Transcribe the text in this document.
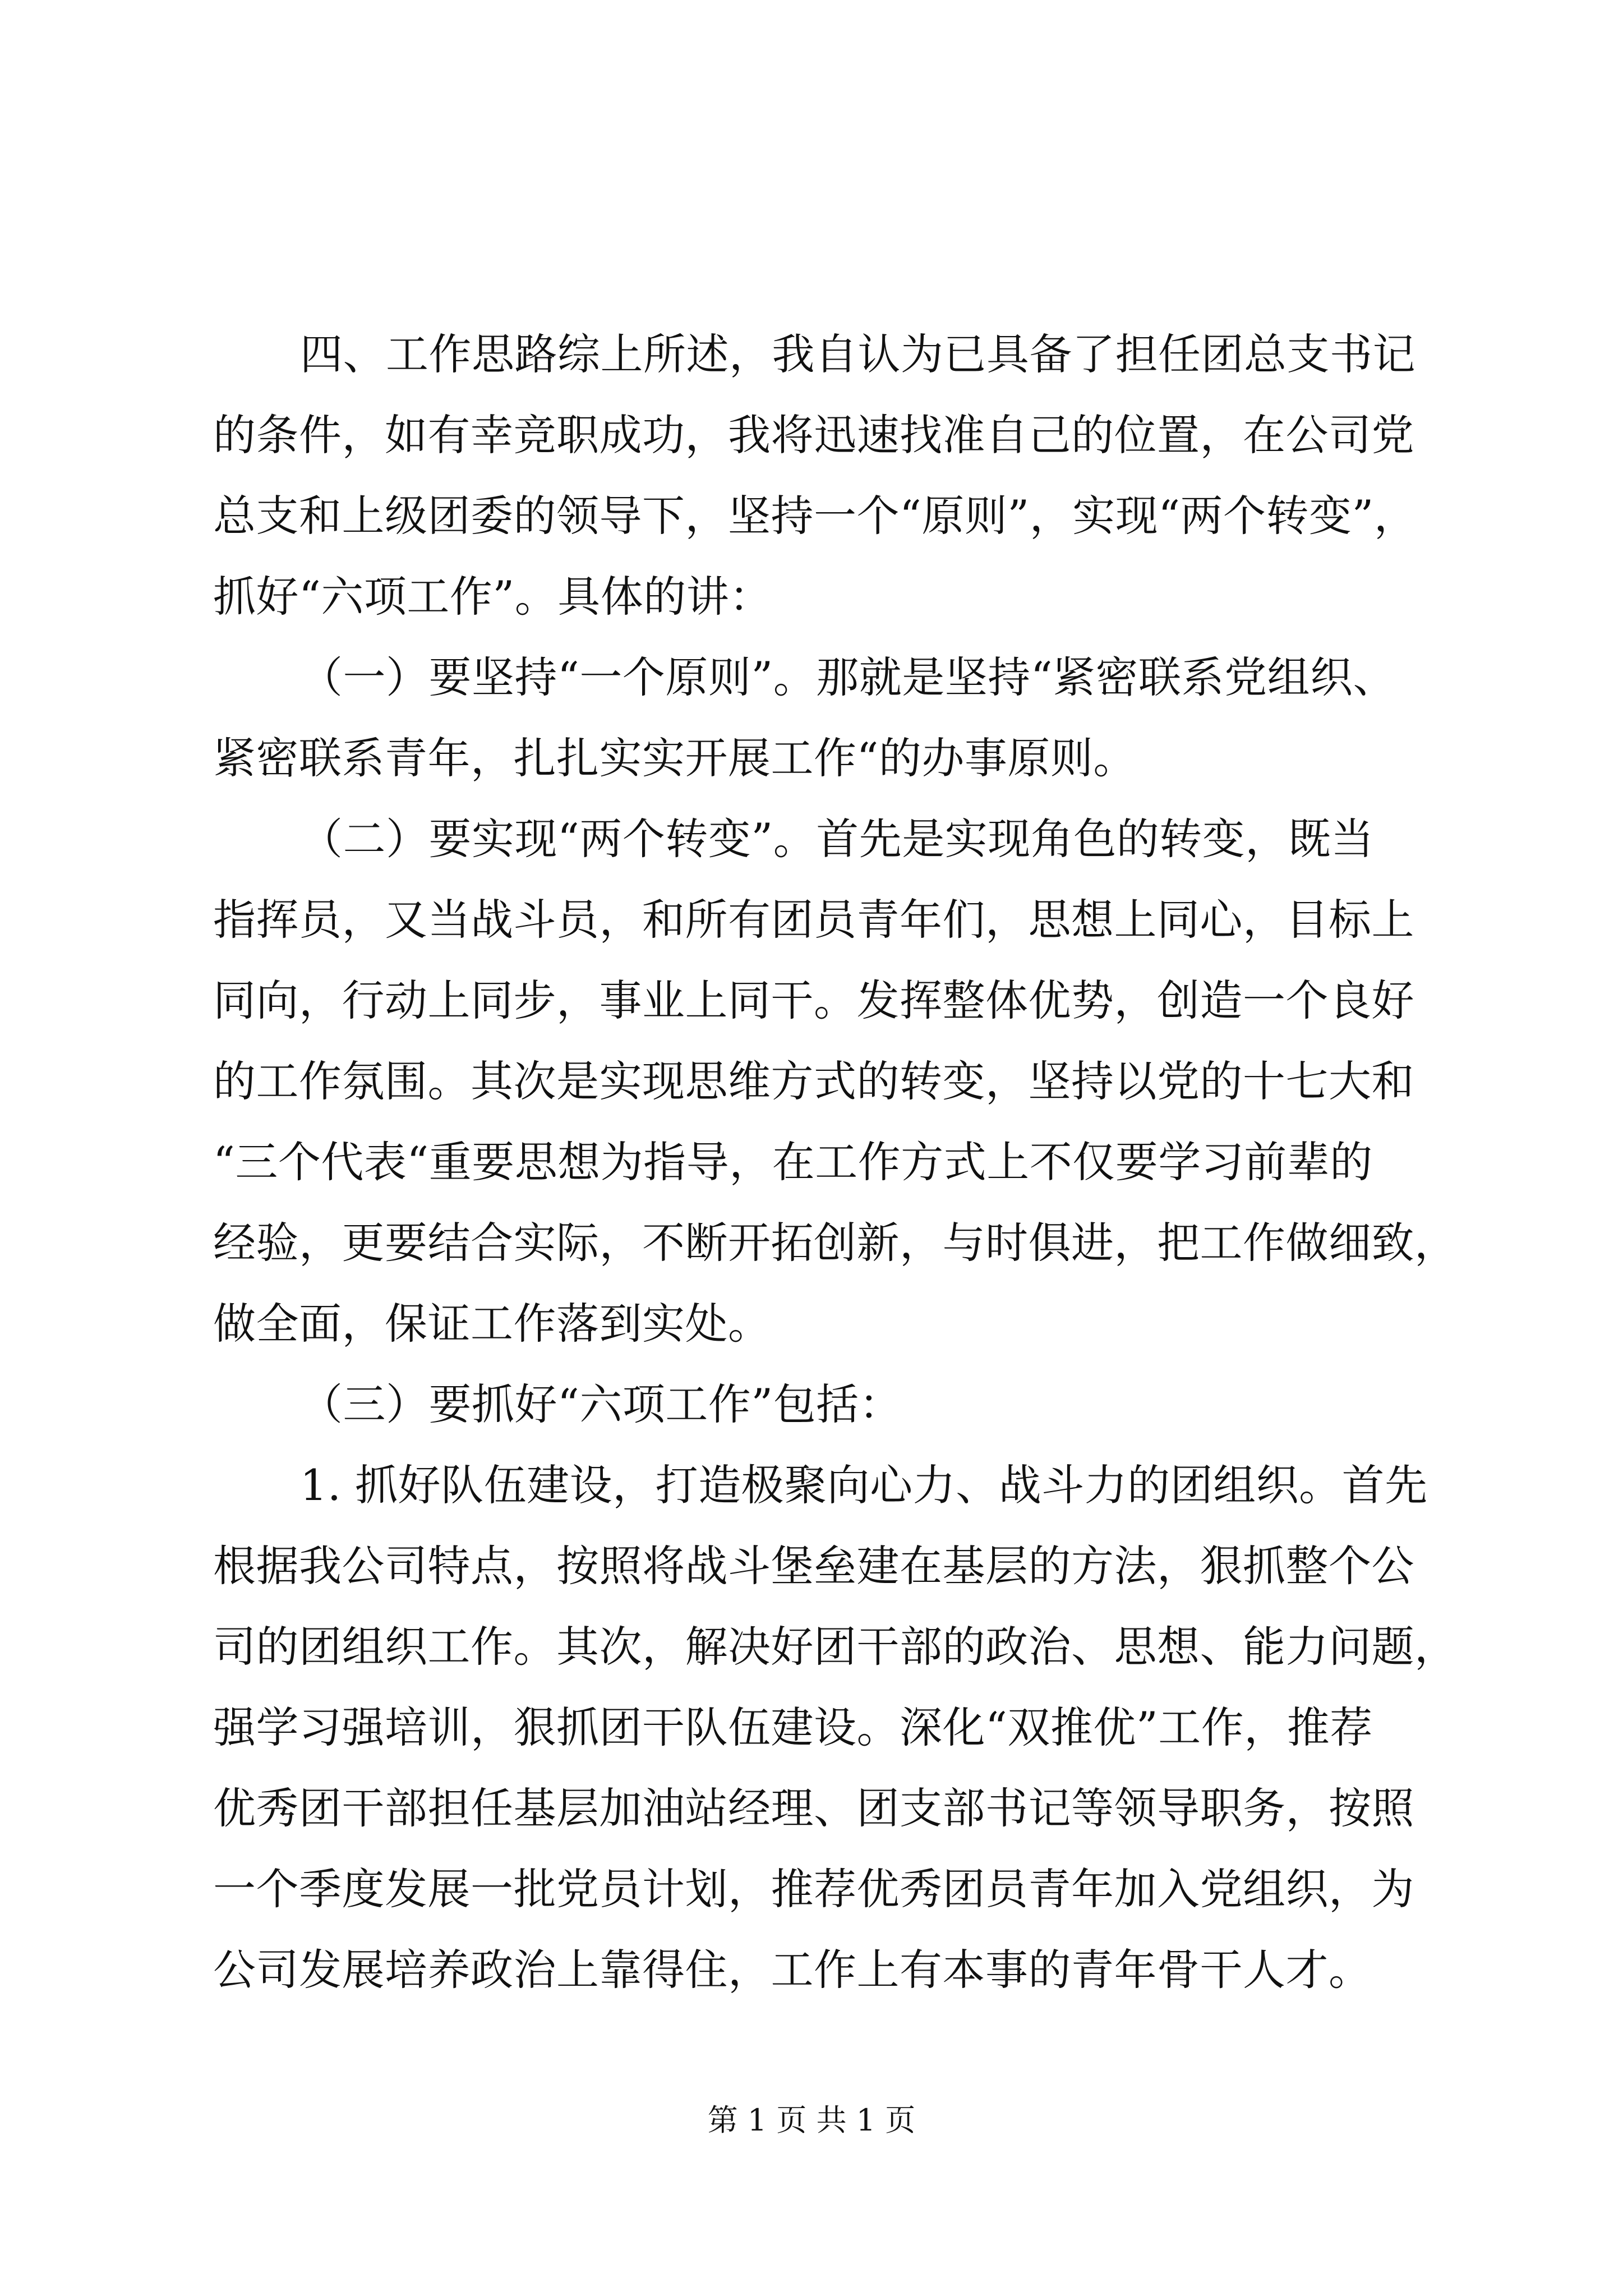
四、工作思路综上所述，我自认为已具备了担任团总支书记
的条件，如有幸竞职成功，我将迅速找准自己的位置，在公司党
总支和上级团委的领导下，坚持一个“原则”，实现“两个转变”，
抓好“六项工作”。具体的讲：
（一）要坚持“一个原则”。那就是坚持“紧密联系党组织、
紧密联系青年，扎扎实实开展工作“的办事原则。
（二）要实现“两个转变”。首先是实现角色的转变，既当
指挥员，又当战斗员，和所有团员青年们，思想上同心，目标上
同向，行动上同步，事业上同干。发挥整体优势，创造一个良好
的工作氛围。其次是实现思维方式的转变，坚持以党的十七大和
“三个代表“重要思想为指导，在工作方式上不仅要学习前辈的
经验，更要结合实际，不断开拓创新，与时俱进，把工作做细致，
做全面，保证工作落到实处。
（三）要抓好“六项工作”包括：
1. 抓好队伍建设，打造极聚向心力、战斗力的团组织。首先
根据我公司特点，按照将战斗堡垒建在基层的方法，狠抓整个公
司的团组织工作。其次，解决好团干部的政治、思想、能力问题，
强学习强培训，狠抓团干队伍建设。深化“双推优”工作，推荐
优秀团干部担任基层加油站经理、团支部书记等领导职务，按照
一个季度发展一批党员计划，推荐优秀团员青年加入党组织，为
公司发展培养政治上靠得住，工作上有本事的青年骨干人才。
第 1 页 共 1 页
